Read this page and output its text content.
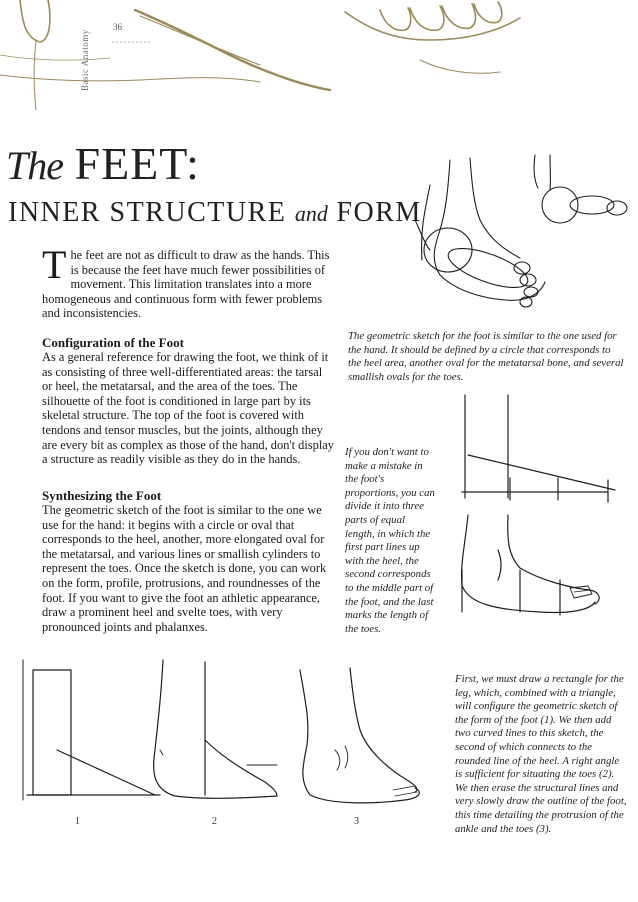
36
Basic Anatomy
The FEET:
INNER STRUCTURE and FORM
The feet are not as difficult to draw as the hands. This is because the feet have much fewer possibilities of movement. This limitation translates into a more homogeneous and continuous form with fewer problems and inconsistencies.
Configuration of the Foot
As a general reference for drawing the foot, we think of it as consisting of three well-differentiated areas: the tarsal or heel, the metatarsal, and the area of the toes. The silhouette of the foot is conditioned in large part by its skeletal structure. The top of the foot is covered with tendons and tensor muscles, but the joints, although they are every bit as complex as those of the hand, don't display a structure as readily visible as they do in the hands.
Synthesizing the Foot
The geometric sketch of the foot is similar to the one we use for the hand: it begins with a circle or oval that corresponds to the heel, another, more elongated oval for the metatarsal, and various lines or smallish cylinders to represent the toes. Once the sketch is done, you can work on the form, profile, protrusions, and roundnesses of the foot. If you want to give the foot an athletic appearance, draw a prominent heel and svelte toes, with very pronounced joints and phalanxes.
The geometric sketch for the foot is similar to the one used for the hand. It should be defined by a circle that corresponds to the heel area, another oval for the metatarsal bone, and several smallish ovals for the toes.
If you don't want to make a mistake in the foot's proportions, you can divide it into three parts of equal length, in which the first part lines up with the heel, the second corresponds to the middle part of the foot, and the last marks the length of the toes.
First, we must draw a rectangle for the leg, which, combined with a triangle, will configure the geometric sketch of the form of the foot (1). We then add two curved lines to this sketch, the second of which connects to the rounded line of the heel. A right angle is sufficient for situating the toes (2). We then erase the structural lines and very slowly draw the outline of the foot, this time detailing the protrusion of the ankle and the toes (3).
1	2	3
